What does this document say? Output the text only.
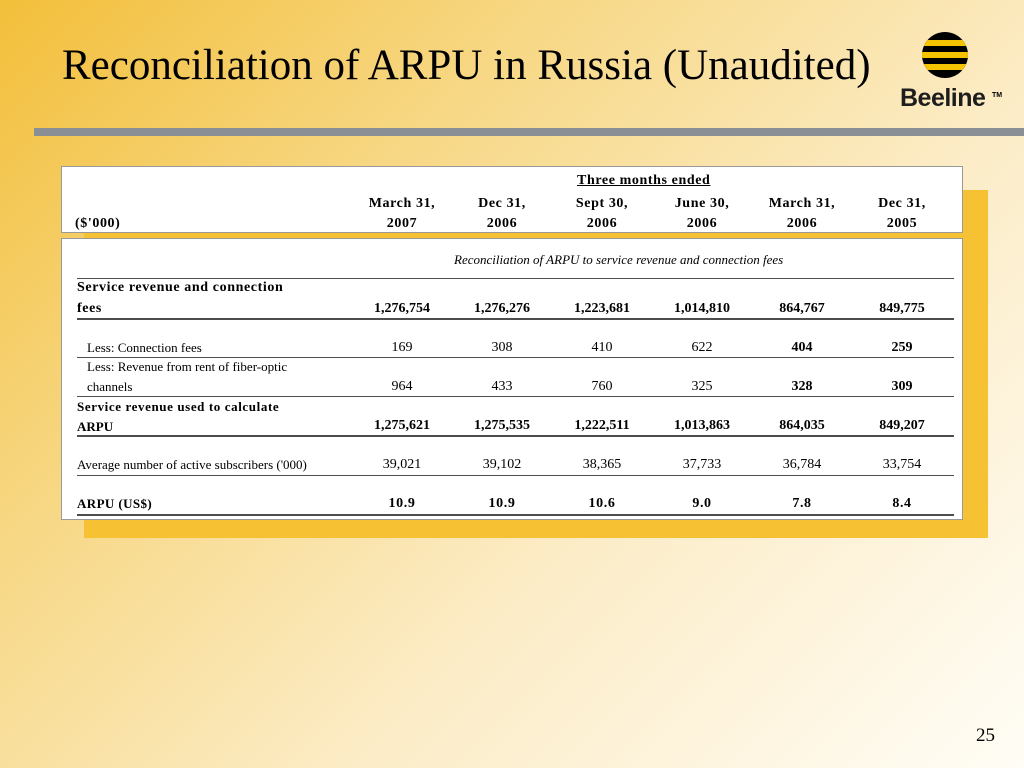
Reconciliation of ARPU in Russia (Unaudited)
Beeline TM
Three months ended
March 31,	Dec 31,	Sept 30,	June 30,	March 31,	Dec 31,
($'000)	2007	2006	2006	2006	2006	2005
Reconciliation of ARPU to service revenue and connection fees
Service revenue and connection
fees	1,276,754	1,276,276	1,223,681	1,014,810	864,767	849,775
Less: Connection fees	169	308	410	622	404	259
Less: Revenue from rent of fiber-optic
channels	964	433	760	325	328	309
Service revenue used to calculate
ARPU	1,275,621	1,275,535	1,222,511	1,013,863	864,035	849,207
Average number of active subscribers ('000)	39,021	39,102	38,365	37,733	36,784	33,754
ARPU (US$)	10.9	10.9	10.6	9.0	7.8	8.4
25
